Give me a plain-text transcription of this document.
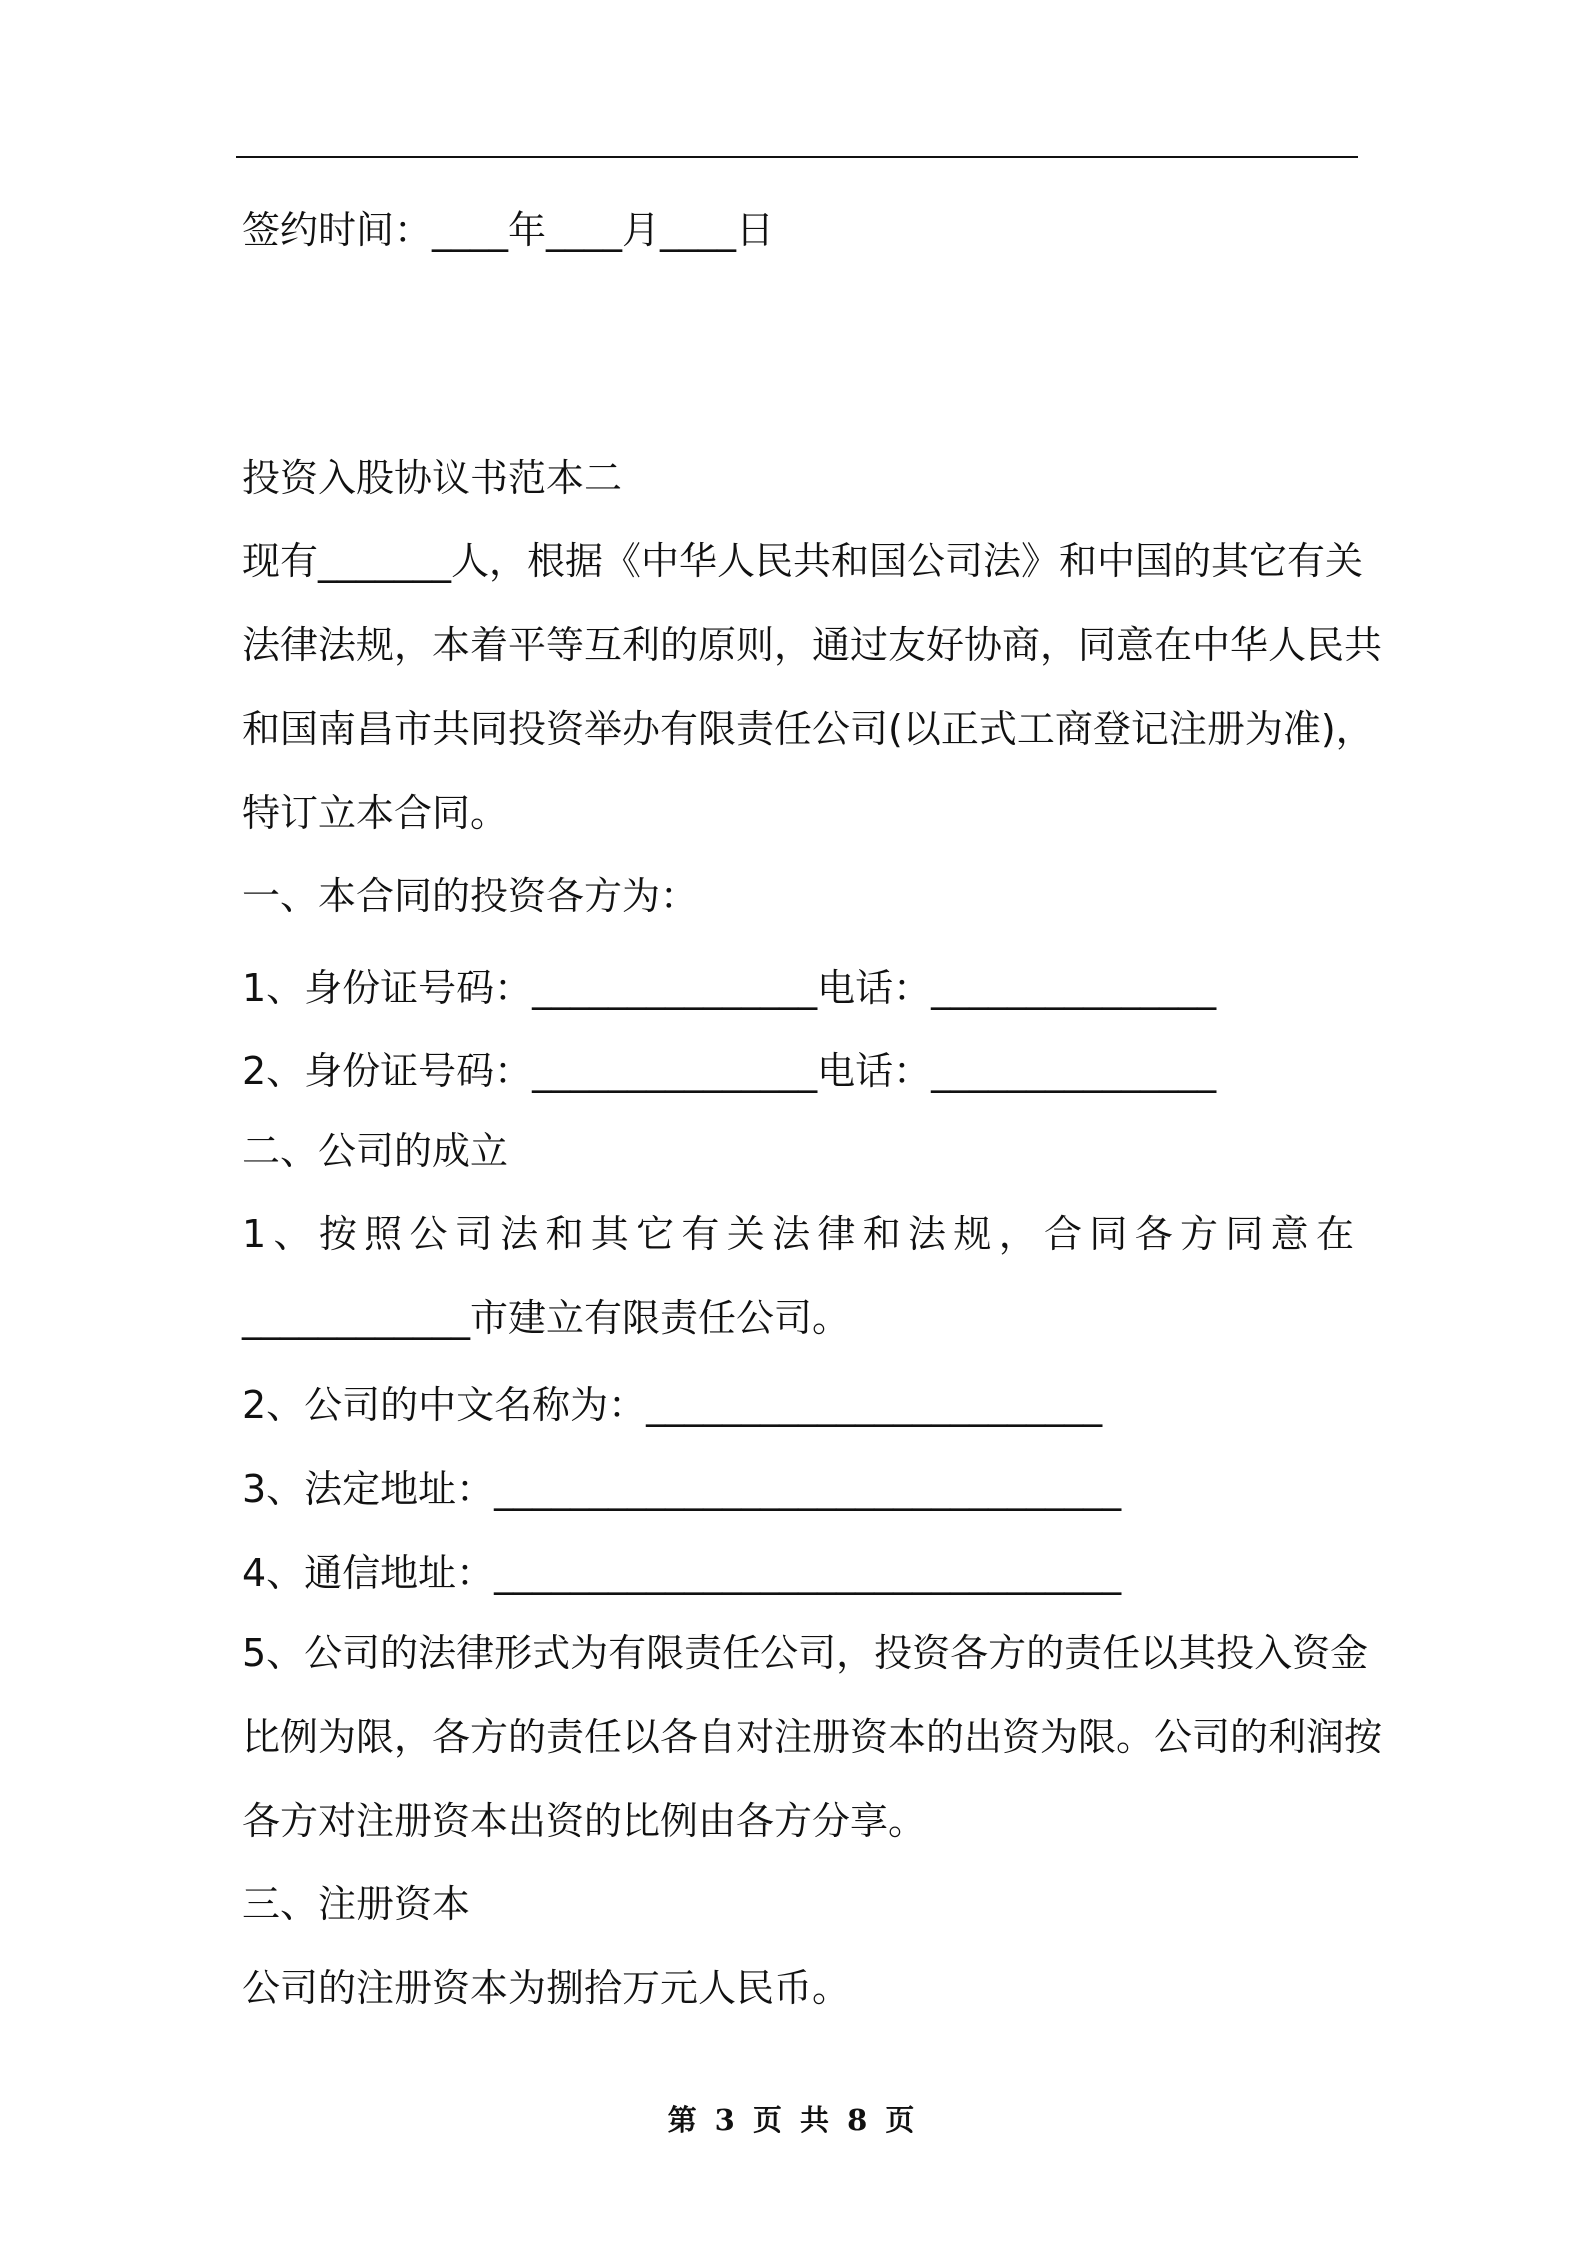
签约时间：____年____月____日
投资入股协议书范本二
现有_______人，根据《中华人民共和国公司法》和中国的其它有关
法律法规，本着平等互利的原则，通过友好协商，同意在中华人民共
和国南昌市共同投资举办有限责任公司(以正式工商登记注册为准)，
特订立本合同。
一、本合同的投资各方为：
1、身份证号码：_______________电话：_______________
2、身份证号码：_______________电话：_______________
二、公司的成立
1、按照公司法和其它有关法律和法规，合同各方同意在
____________市建立有限责任公司。
2、公司的中文名称为：________________________
3、法定地址：_________________________________
4、通信地址：_________________________________
5、公司的法律形式为有限责任公司，投资各方的责任以其投入资金
比例为限，各方的责任以各自对注册资本的出资为限。公司的利润按
各方对注册资本出资的比例由各方分享。
三、注册资本
公司的注册资本为捌拾万元人民币。
第 3 页 共 8 页
